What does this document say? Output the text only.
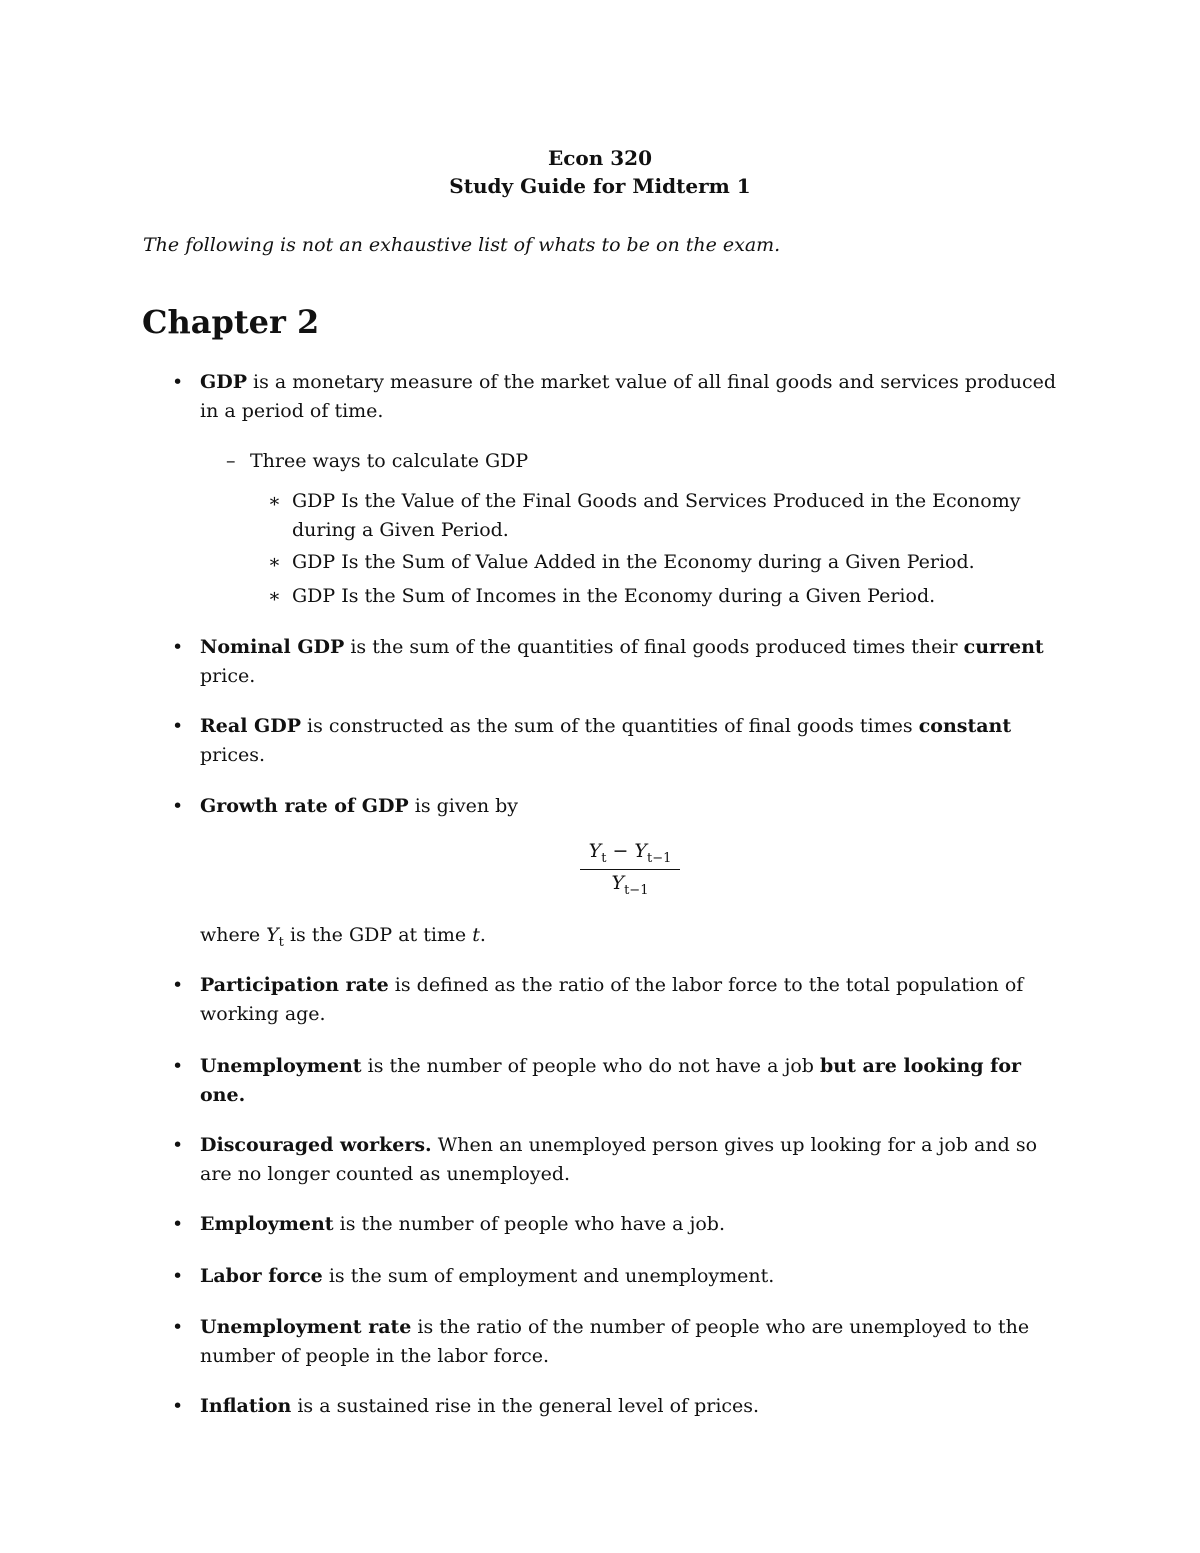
Econ 320
Study Guide for Midterm 1
The following is not an exhaustive list of whats to be on the exam.
Chapter 2
• GDP is a monetary measure of the market value of all final goods and services produced in a period of time.
– Three ways to calculate GDP
∗ GDP Is the Value of the Final Goods and Services Produced in the Economy during a Given Period.
∗ GDP Is the Sum of Value Added in the Economy during a Given Period.
∗ GDP Is the Sum of Incomes in the Economy during a Given Period.
• Nominal GDP is the sum of the quantities of final goods produced times their current price.
• Real GDP is constructed as the sum of the quantities of final goods times constant prices.
• Growth rate of GDP is given by
$Y_t - Y_{t-1}$
$Y_{t-1}$
where $Y_t$ is the GDP at time t.
• Participation rate is defined as the ratio of the labor force to the total population of working age.
• Unemployment is the number of people who do not have a job but are looking for one.
• Discouraged workers. When an unemployed person gives up looking for a job and so are no longer counted as unemployed.
• Employment is the number of people who have a job.
• Labor force is the sum of employment and unemployment.
• Unemployment rate is the ratio of the number of people who are unemployed to the number of people in the labor force.
• Inflation is a sustained rise in the general level of prices.
